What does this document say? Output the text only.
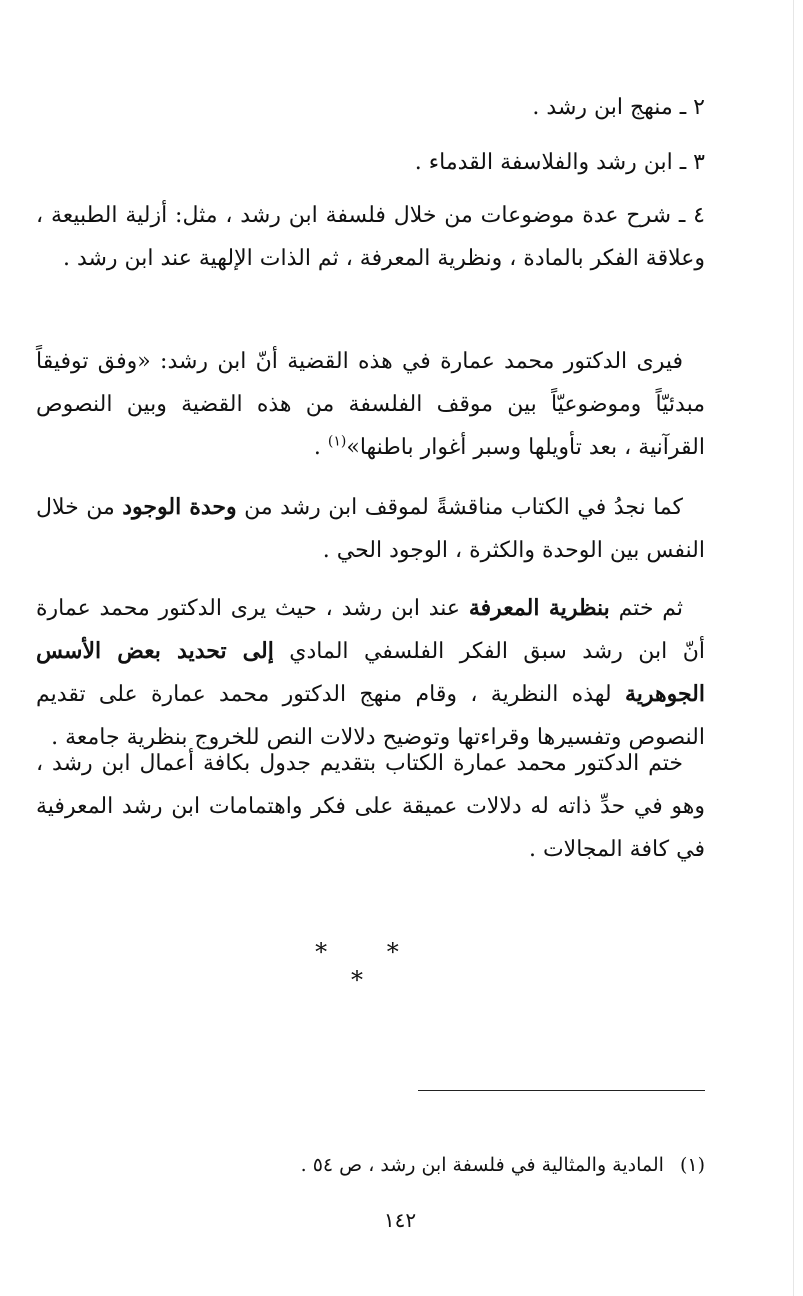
٢ ـ منهج ابن رشد .
٣ ـ ابن رشد والفلاسفة القدماء .
٤ ـ شرح عدة موضوعات من خلال فلسفة ابن رشد ، مثل: أزلية الطبيعة ، وعلاقة الفكر بالمادة ، ونظرية المعرفة ، ثم الذات الإلهية عند ابن رشد .
فيرى الدكتور محمد عمارة في هذه القضية أنّ ابن رشد: «وفق توفيقاً مبدئيّاً وموضوعيّاً بين موقف الفلسفة من هذه القضية وبين النصوص القرآنية ، بعد تأويلها وسبر أغوار باطنها»$^{(١)}$ .
كما نجدُ في الكتاب مناقشةً لموقف ابن رشد من وحدة الوجود من خلال النفس بين الوحدة والكثرة ، الوجود الحي .
ثم ختم بنظرية المعرفة عند ابن رشد ، حيث يرى الدكتور محمد عمارة أنّ ابن رشد سبق الفكر الفلسفي المادي إلى تحديد بعض الأسس الجوهرية لهذه النظرية ، وقام منهج الدكتور محمد عمارة على تقديم النصوص وتفسيرها وقراءتها وتوضيح دلالات النص للخروج بنظرية جامعة .
ختم الدكتور محمد عمارة الكتاب بتقديم جدول بكافة أعمال ابن رشد ، وهو في حدِّ ذاته له دلالات عميقة على فكر واهتمامات ابن رشد المعرفية في كافة المجالات .
* * *
(١)المادية والمثالية في فلسفة ابن رشد ، ص ٥٤ .
١٤٢
